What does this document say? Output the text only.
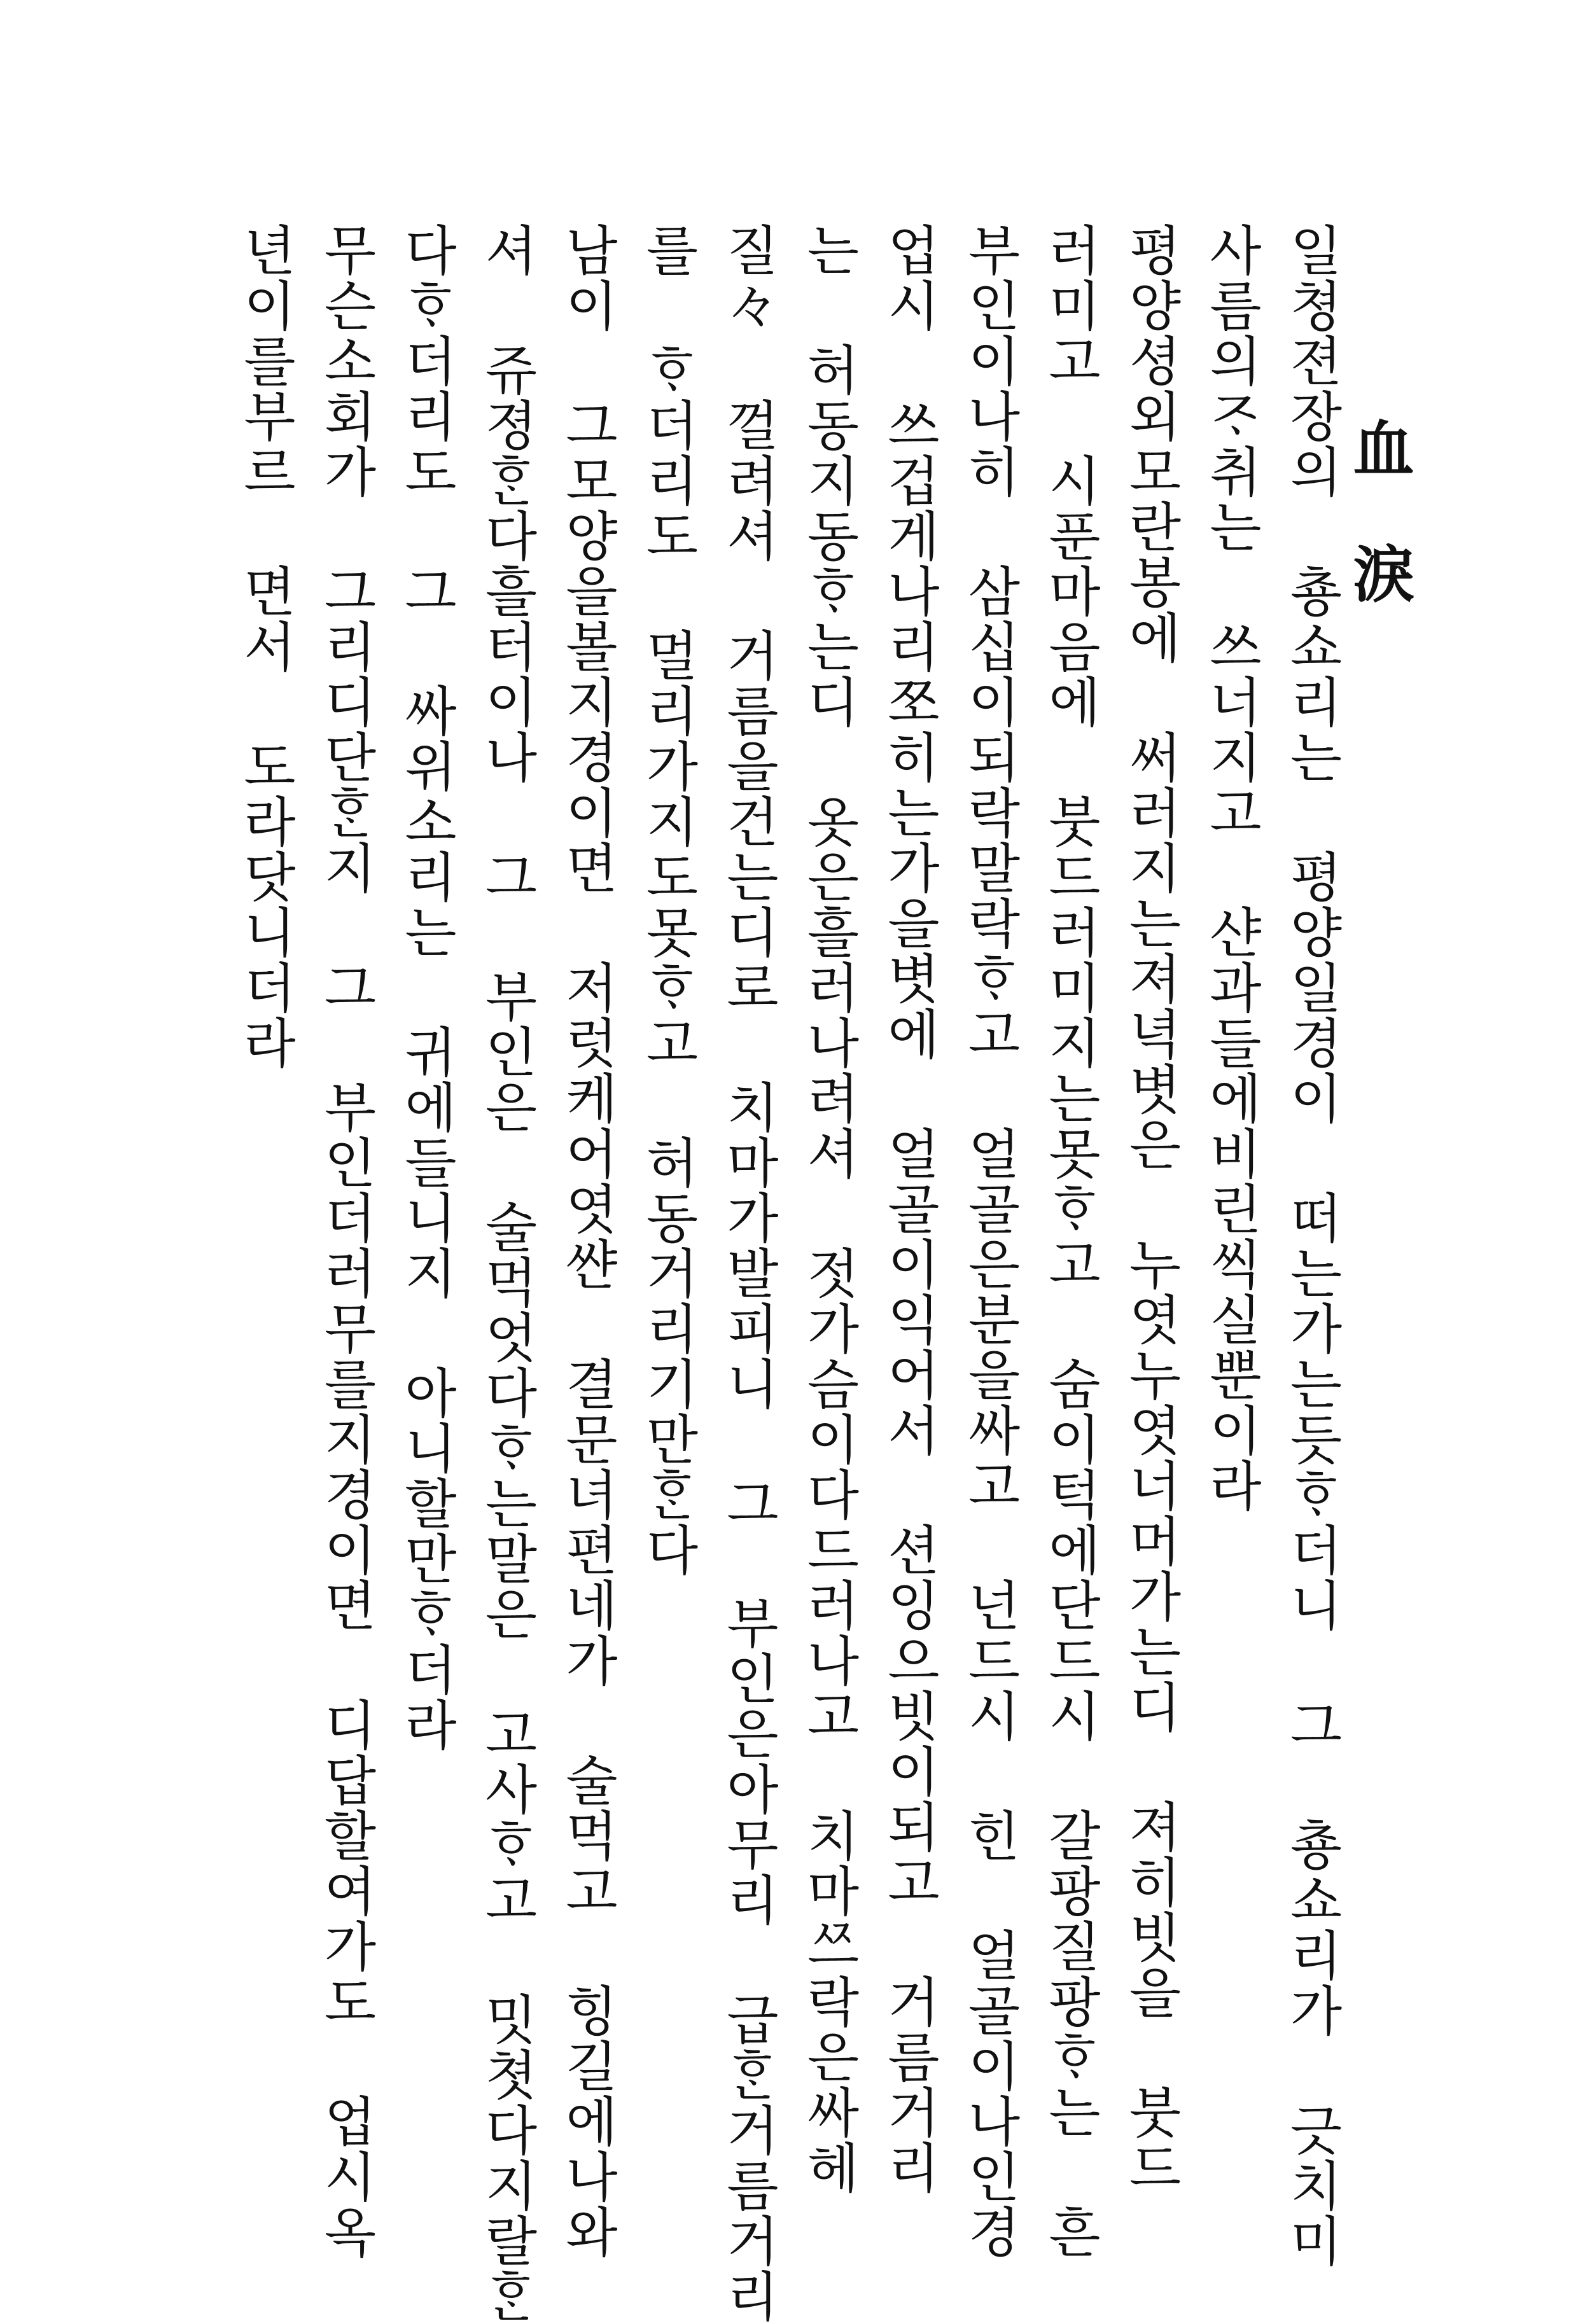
血 淚
일쳥젼장의 춍쇼리는 평양일경이 떠는가는듯ᄒᆞ더니 그 춍쇼리가 긋치미
사름의ᄌᆞ취는 쓰너지고 샨과들에비린씩실뿐이라
평양셩외모란봉에 써러지는져녁볏은 누엿누엿너머가는디 져히빗을 붓드
러미고 시푼마음에 붓드러미지는못ᄒᆞ고 숨이턱에단드시 갈팡질팡ᄒᆞ는 흔
부인이나히 삼십이되락말락ᄒᆞ고 얼골은분을싸고 넌드시 힌 얼골이나인경
업시 쓰겁게나리쪼히는가을볏에 얼골이익어서 션잉으빗이되고 거름거리
는 허동지동ᄒᆞ는디 옷은흘러나려셔 젓가슴이다드러나고 치마ᄶᅳ락은싸헤
질々 껄려셔 거름을건는디로 치마가발피니 그 부인은아무리 급ᄒᆞᆫ거름거리
를 ᄒᆞ더리도 멀리가지도못ᄒᆞ고 허동거리기만ᄒᆞᆫ다
남이 그모양을볼지경이면 저럿케어엿쌴 결문녀편네가 술먹고 힝길에나와
셔 쥬졍ᄒᆞᆫ다흘터이나 그 부인은 술먹엇다ᄒᆞ는말은 고사ᄒᆞ고 밋쳣다지랄ᄒᆞᆫ
다ᄒᆞ더리도 그 싸위소리는 귀에들니지 아니할만ᄒᆞ더라
무슨소회가 그리디단ᄒᆞᆫ지 그 부인더러무를지경이면 디답할여가도 업시옥
년이를부르 면서 도라닷니더라
